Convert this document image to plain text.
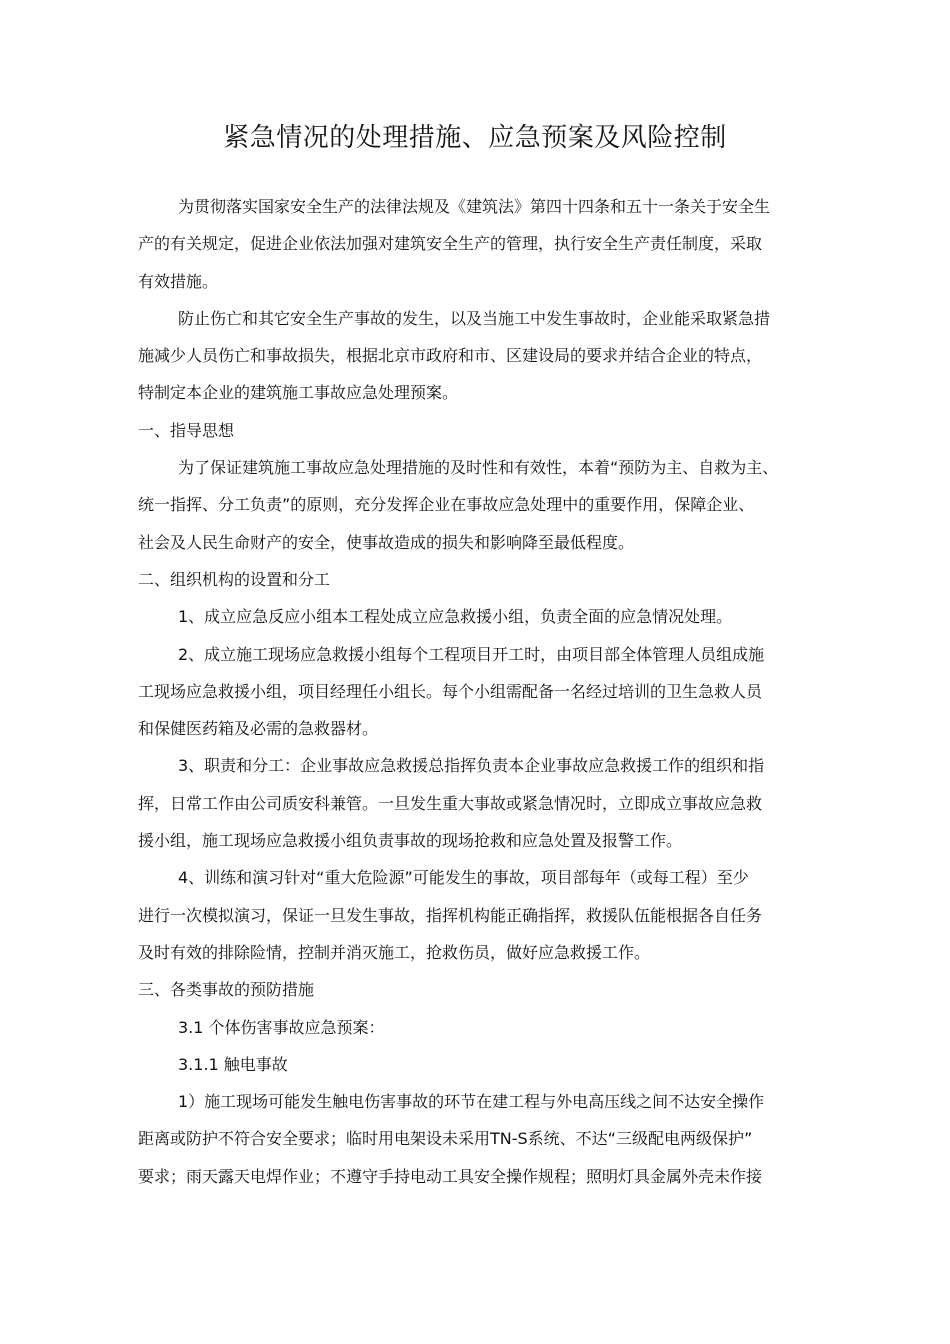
紧急情况的处理措施、应急预案及风险控制
为贯彻落实国家安全生产的法律法规及《建筑法》第四十四条和五十一条关于安全生
产的有关规定，促进企业依法加强对建筑安全生产的管理，执行安全生产责任制度，采取
有效措施。
防止伤亡和其它安全生产事故的发生，以及当施工中发生事故时，企业能采取紧急措
施减少人员伤亡和事故损失，根据北京市政府和市、区建设局的要求并结合企业的特点，
特制定本企业的建筑施工事故应急处理预案。
一、指导思想
为了保证建筑施工事故应急处理措施的及时性和有效性，本着“预防为主、自救为主、
统一指挥、分工负责”的原则，充分发挥企业在事故应急处理中的重要作用，保障企业、
社会及人民生命财产的安全，使事故造成的损失和影响降至最低程度。
二、组织机构的设置和分工
1、成立应急反应小组本工程处成立应急救援小组，负责全面的应急情况处理。
2、成立施工现场应急救援小组每个工程项目开工时，由项目部全体管理人员组成施
工现场应急救援小组，项目经理任小组长。每个小组需配备一名经过培训的卫生急救人员
和保健医药箱及必需的急救器材。
3、职责和分工：企业事故应急救援总指挥负责本企业事故应急救援工作的组织和指
挥，日常工作由公司质安科兼管。一旦发生重大事故或紧急情况时，立即成立事故应急救
援小组，施工现场应急救援小组负责事故的现场抢救和应急处置及报警工作。
4、训练和演习针对“重大危险源”可能发生的事故，项目部每年（或每工程）至少
进行一次模拟演习，保证一旦发生事故，指挥机构能正确指挥，救援队伍能根据各自任务
及时有效的排除险情，控制并消灭施工，抢救伤员，做好应急救援工作。
三、各类事故的预防措施
3.1 个体伤害事故应急预案：
3.1.1 触电事故
1）施工现场可能发生触电伤害事故的环节在建工程与外电高压线之间不达安全操作
距离或防护不符合安全要求；临时用电架设未采用TN-S系统、不达“三级配电两级保护”
要求；雨天露天电焊作业；不遵守手持电动工具安全操作规程；照明灯具金属外壳未作接
